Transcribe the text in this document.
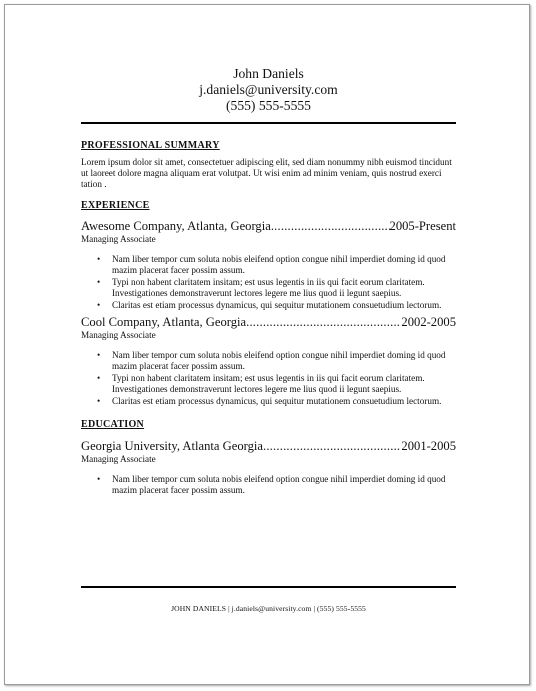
John Daniels
j.daniels@university.com
(555) 555-5555

PROFESSIONAL SUMMARY

Lorem ipsum dolor sit amet, consectetuer adipiscing elit, sed diam nonummy nibh euismod tincidunt ut laoreet dolore magna aliquam erat volutpat. Ut wisi enim ad minim veniam, quis nostrud exerci tation .

EXPERIENCE

Awesome Company, Atlanta, Georgia .....	2005-Present

Managing Associate

• Nam liber tempor cum soluta nobis eleifend option congue nihil imperdiet doming id quod mazim placerat facer possim assum.
• Typi non habent claritatem insitam; est usus legentis in iis qui facit eorum claritatem. Investigationes demonstraverunt lectores legere me lius quod ii legunt saepius.
• Claritas est etiam processus dynamicus, qui sequitur mutationem consuetudium lectorum.
Cool Company, Atlanta, Georgia .....	2002-2005

Managing Associate

• Nam liber tempor cum soluta nobis eleifend option congue nihil imperdiet doming id quod mazim placerat facer possim assum.
• Typi non habent claritatem insitam; est usus legentis in iis qui facit eorum claritatem. Investigationes demonstraverunt lectores legere me lius quod ii legunt saepius.
• Claritas est etiam processus dynamicus, qui sequitur mutationem consuetudium lectorum.

EDUCATION

Georgia University, Atlanta Georgia .....	2001-2005

Managing Associate

• Nam liber tempor cum soluta nobis eleifend option congue nihil imperdiet doming id quod mazim placerat facer possim assum.
JOHN DANIELS | j.daniels@university.com | (555) 555-5555
